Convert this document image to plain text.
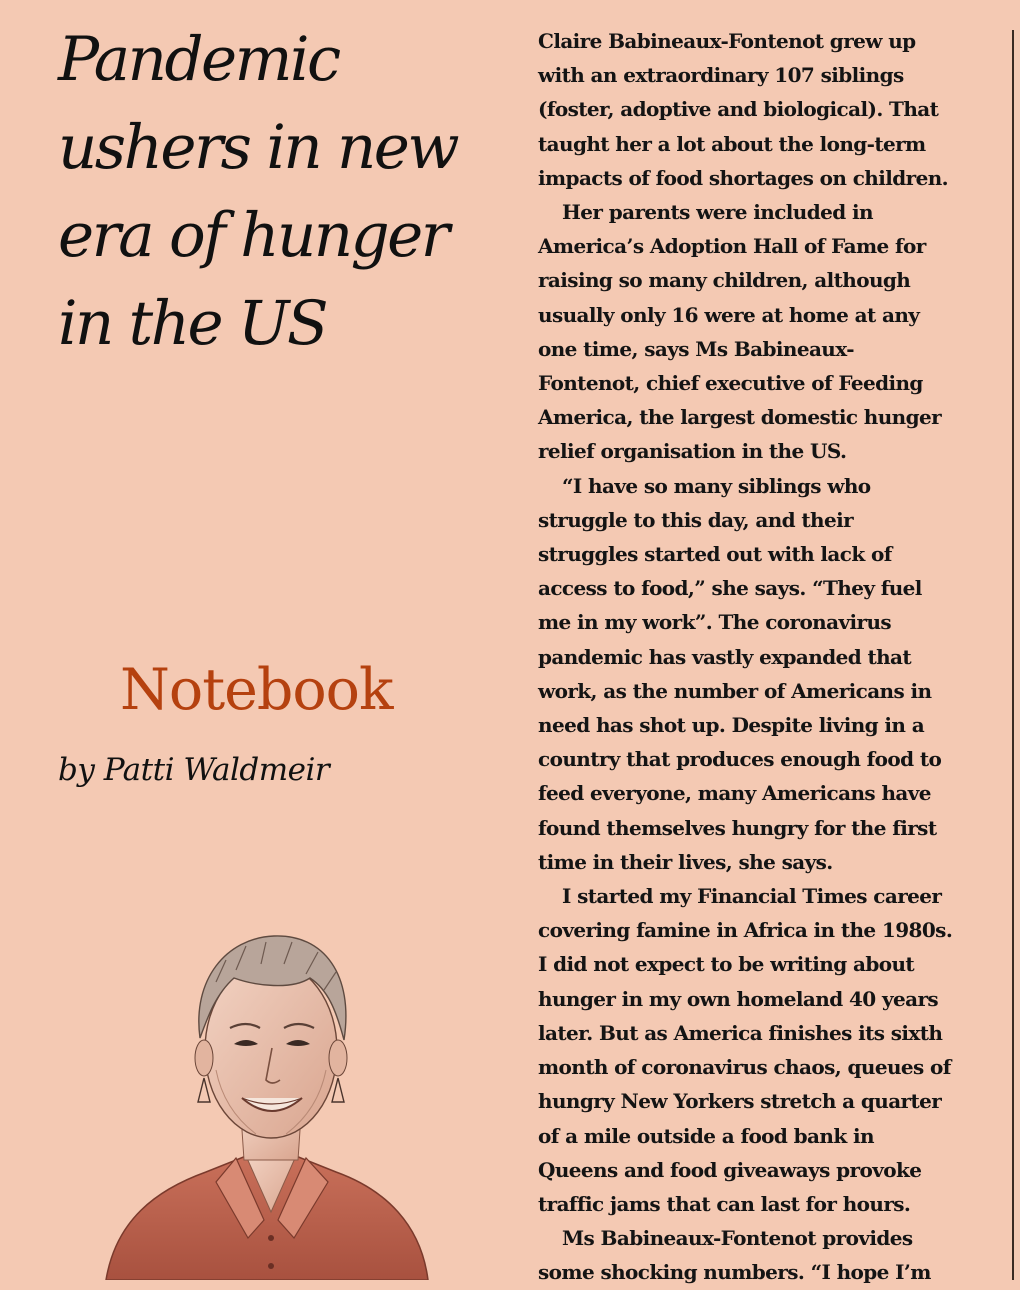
Pandemic
ushers in new
era of hunger
in the US
Notebook

by Patti Waldmeir

Claire Babineaux-Fontenot grew up
with an extraordinary 107 siblings
(foster, adoptive and biological). That
taught her a lot about the long-term
impacts of food shortages on children.

Her parents were included in
America’s Adoption Hall of Fame for
raising so many children, although
usually only 16 were at home at any
one time, says Ms Babineaux-
Fontenot, chief executive of Feeding
America, the largest domestic hunger
relief organisation in the US.

“I have so many siblings who
struggle to this day, and their
struggles started out with lack of
access to food,” she says. “They fuel
me in my work”. The coronavirus
pandemic has vastly expanded that
work, as the number of Americans in
need has shot up. Despite living in a
country that produces enough food to
feed everyone, many Americans have
found themselves hungry for the first
time in their lives, she says.

I started my Financial Times career
covering famine in Africa in the 1980s.
I did not expect to be writing about
hunger in my own homeland 40 years
later. But as America finishes its sixth
month of coronavirus chaos, queues of
hungry New Yorkers stretch a quarter
of a mile outside a food bank in
Queens and food giveaways provoke
traffic jams that can last for hours.

Ms Babineaux-Fontenot provides
some shocking numbers. “I hope I’m
